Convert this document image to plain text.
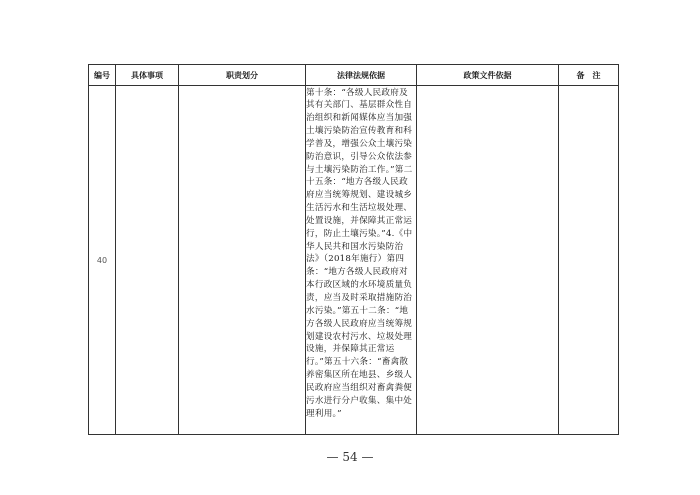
编号	具体事项	职责划分	法律法规依据	政策文件依据	备　注
40			第十条：“各级人民政府及其有关部门、基层群众性自治组织和新闻媒体应当加强土壤污染防治宣传教育和科学普及，增强公众土壤污染防治意识，引导公众依法参与土壤污染防治工作。”第二十五条：“地方各级人民政府应当统筹规划、建设城乡生活污水和生活垃圾处理、处置设施，并保障其正常运行，防止土壤污染。”4.《中华人民共和国水污染防治法》（2018年施行）第四条：“地方各级人民政府对本行政区域的水环境质量负责，应当及时采取措施防治水污染。”第五十二条：“地方各级人民政府应当统筹规划建设农村污水、垃圾处理设施，并保障其正常运行。”第五十六条：“畜禽散养密集区所在地县、乡级人民政府应当组织对畜禽粪便污水进行分户收集、集中处理利用。”		

— 54 —
